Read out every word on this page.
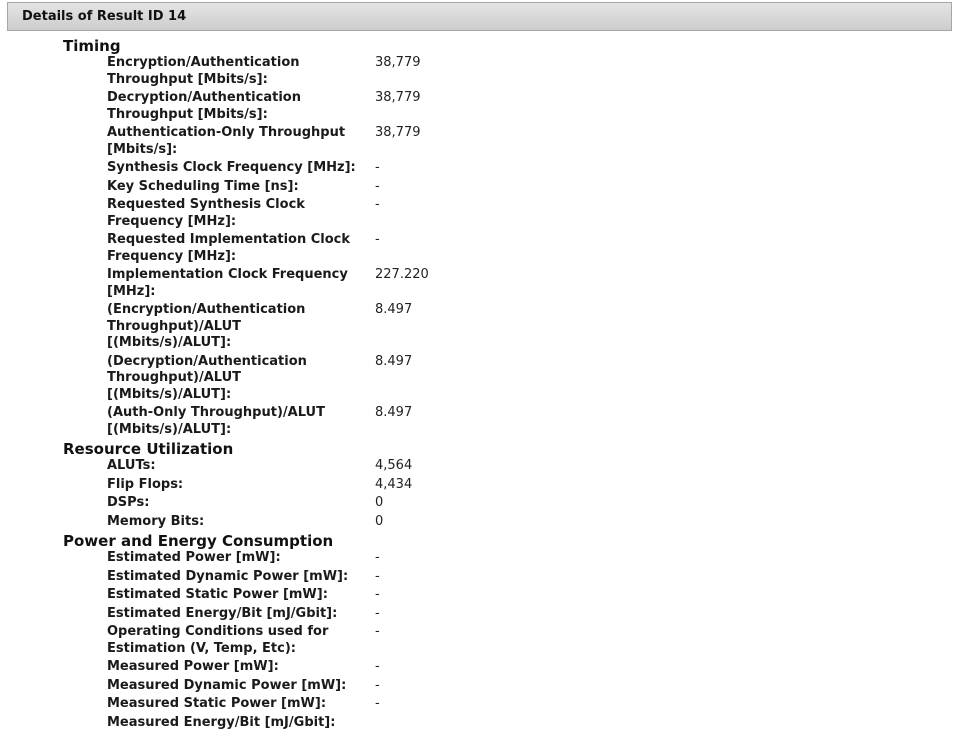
Details of Result ID 14
Timing
Encryption/Authentication Throughput [Mbits/s]:
38,779
Decryption/Authentication Throughput [Mbits/s]:
38,779
Authentication-Only Throughput [Mbits/s]:
38,779
Synthesis Clock Frequency [MHz]:	-
Key Scheduling Time [ns]:	-
Requested Synthesis Clock Frequency [MHz]:
-
Requested Implementation Clock Frequency [MHz]:
-
Implementation Clock Frequency [MHz]:
227.220
(Encryption/Authentication Throughput)/ALUT [(Mbits/s)/ALUT]:
8.497
(Decryption/Authentication Throughput)/ALUT [(Mbits/s)/ALUT]:
8.497
(Auth-Only Throughput)/ALUT [(Mbits/s)/ALUT]:
8.497
Resource Utilization
ALUTs:	4,564
Flip Flops:	4,434
DSPs:	0
Memory Bits:	0
Power and Energy Consumption
Estimated Power [mW]:	-
Estimated Dynamic Power [mW]:	-
Estimated Static Power [mW]:	-
Estimated Energy/Bit [mJ/Gbit]:	-
Operating Conditions used for Estimation (V, Temp, Etc):
-
Measured Power [mW]:	-
Measured Dynamic Power [mW]:	-
Measured Static Power [mW]:	-
Measured Energy/Bit [mJ/Gbit]:
